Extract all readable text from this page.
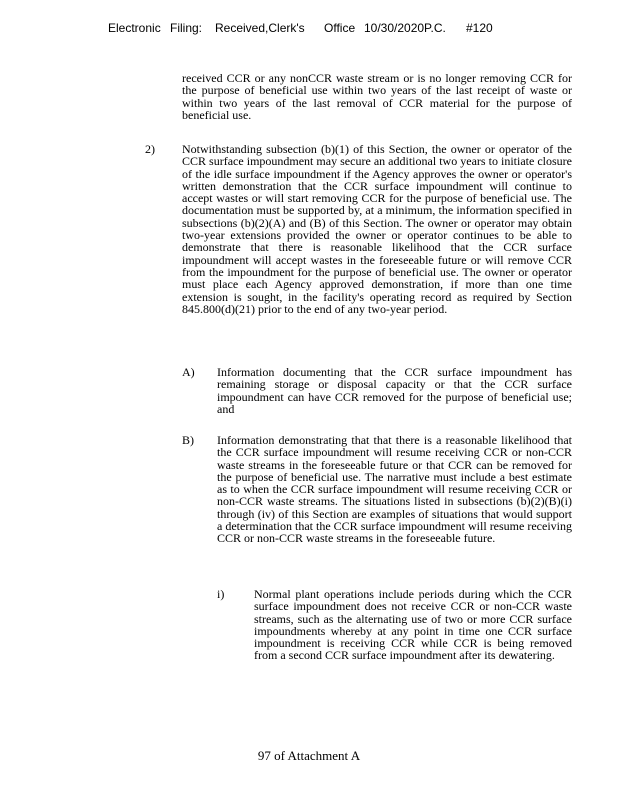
Electronic Filing: Received,Clerk's Office 10/30/2020P.C. #120

received CCR or any nonCCR waste stream or is no longer removing CCR for the purpose of beneficial use within two years of the last receipt of waste or within two years of the last removal of CCR material for the purpose of beneficial use.

2) Notwithstanding subsection (b)(1) of this Section, the owner or operator of the CCR surface impoundment may secure an additional two years to initiate closure of the idle surface impoundment if the Agency approves the owner or operator's written demonstration that the CCR surface impoundment will continue to accept wastes or will start removing CCR for the purpose of beneficial use. The documentation must be supported by, at a minimum, the information specified in subsections (b)(2)(A) and (B) of this Section. The owner or operator may obtain two-year extensions provided the owner or operator continues to be able to demonstrate that there is reasonable likelihood that the CCR surface impoundment will accept wastes in the foreseeable future or will remove CCR from the impoundment for the purpose of beneficial use. The owner or operator must place each Agency approved demonstration, if more than one time extension is sought, in the facility's operating record as required by Section 845.800(d)(21) prior to the end of any two-year period.

A) Information documenting that the CCR surface impoundment has remaining storage or disposal capacity or that the CCR surface impoundment can have CCR removed for the purpose of beneficial use; and

B) Information demonstrating that that there is a reasonable likelihood that the CCR surface impoundment will resume receiving CCR or non-CCR waste streams in the foreseeable future or that CCR can be removed for the purpose of beneficial use. The narrative must include a best estimate as to when the CCR surface impoundment will resume receiving CCR or non-CCR waste streams. The situations listed in subsections (b)(2)(B)(i) through (iv) of this Section are examples of situations that would support a determination that the CCR surface impoundment will resume receiving CCR or non-CCR waste streams in the foreseeable future.

i) Normal plant operations include periods during which the CCR surface impoundment does not receive CCR or non-CCR waste streams, such as the alternating use of two or more CCR surface impoundments whereby at any point in time one CCR surface impoundment is receiving CCR while CCR is being removed from a second CCR surface impoundment after its dewatering.

97 of Attachment A
